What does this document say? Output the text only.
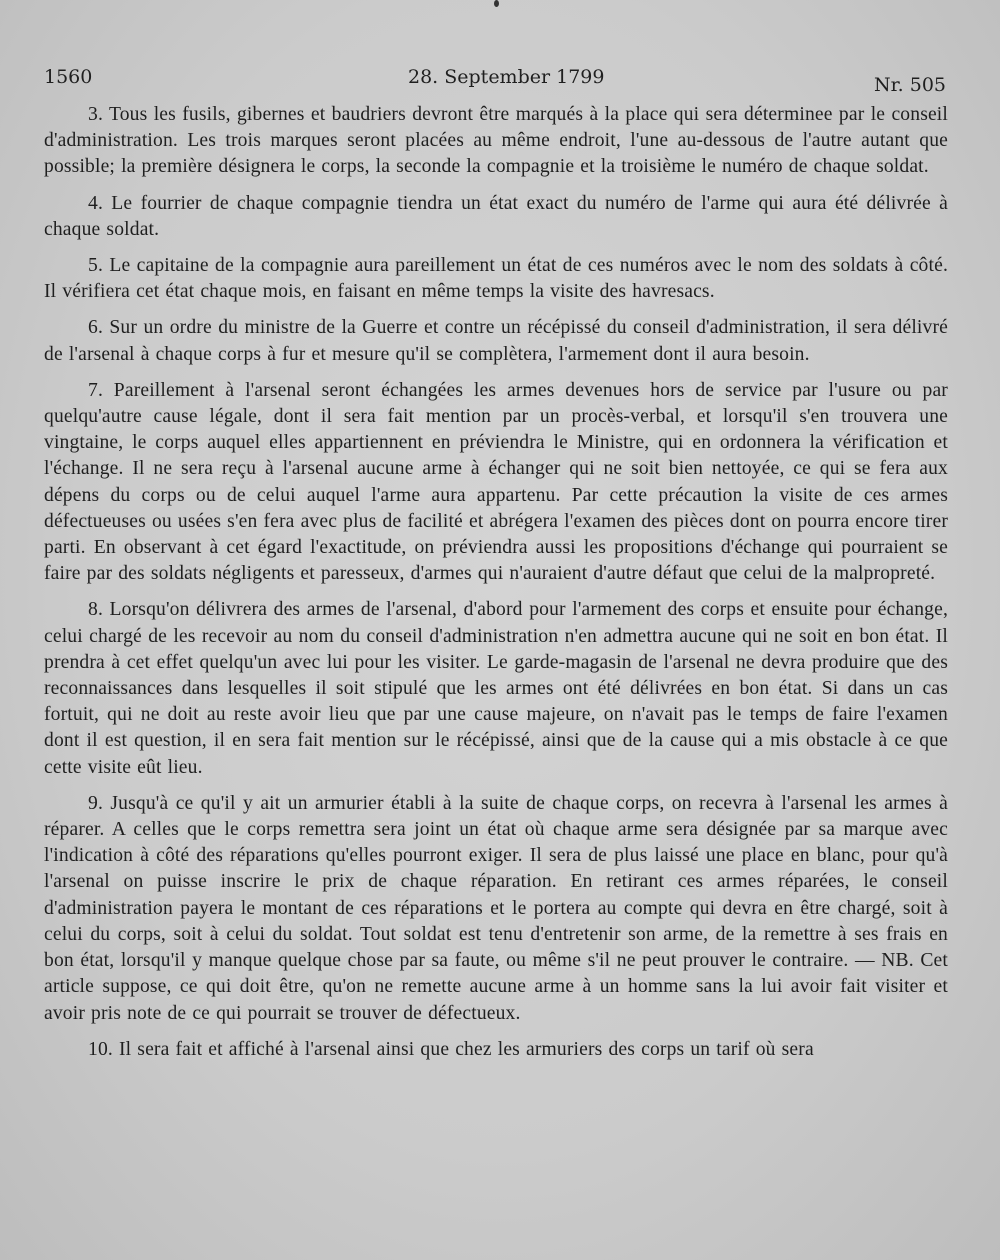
1560	28. September 1799	Nr. 505

3. Tous les fusils, gibernes et baudriers devront être marqués à la place qui sera déterminee par le conseil d'administration. Les trois marques seront placées au même endroit, l'une au-dessous de l'autre autant que possible; la première désignera le corps, la seconde la compagnie et la troisième le numéro de chaque soldat.

4. Le fourrier de chaque compagnie tiendra un état exact du numéro de l'arme qui aura été délivrée à chaque soldat.

5. Le capitaine de la compagnie aura pareillement un état de ces numéros avec le nom des soldats à côté. Il vérifiera cet état chaque mois, en faisant en même temps la visite des havresacs.

6. Sur un ordre du ministre de la Guerre et contre un récépissé du conseil d'administration, il sera délivré de l'arsenal à chaque corps à fur et mesure qu'il se complètera, l'armement dont il aura besoin.

7. Pareillement à l'arsenal seront échangées les armes devenues hors de service par l'usure ou par quelqu'autre cause légale, dont il sera fait mention par un procès-verbal, et lorsqu'il s'en trouvera une vingtaine, le corps auquel elles appartiennent en préviendra le Ministre, qui en ordonnera la vérification et l'échange. Il ne sera reçu à l'arsenal aucune arme à échanger qui ne soit bien nettoyée, ce qui se fera aux dépens du corps ou de celui auquel l'arme aura appartenu. Par cette précaution la visite de ces armes défectueuses ou usées s'en fera avec plus de facilité et abrégera l'examen des pièces dont on pourra encore tirer parti. En observant à cet égard l'exactitude, on préviendra aussi les propositions d'échange qui pourraient se faire par des soldats négligents et paresseux, d'armes qui n'auraient d'autre défaut que celui de la malpropreté.

8. Lorsqu'on délivrera des armes de l'arsenal, d'abord pour l'armement des corps et ensuite pour échange, celui chargé de les recevoir au nom du conseil d'administration n'en admettra aucune qui ne soit en bon état. Il prendra à cet effet quelqu'un avec lui pour les visiter. Le garde-magasin de l'arsenal ne devra produire que des reconnaissances dans lesquelles il soit stipulé que les armes ont été délivrées en bon état. Si dans un cas fortuit, qui ne doit au reste avoir lieu que par une cause majeure, on n'avait pas le temps de faire l'examen dont il est question, il en sera fait mention sur le récépissé, ainsi que de la cause qui a mis obstacle à ce que cette visite eût lieu.

9. Jusqu'à ce qu'il y ait un armurier établi à la suite de chaque corps, on recevra à l'arsenal les armes à réparer. A celles que le corps remettra sera joint un état où chaque arme sera désignée par sa marque avec l'indication à côté des réparations qu'elles pourront exiger. Il sera de plus laissé une place en blanc, pour qu'à l'arsenal on puisse inscrire le prix de chaque réparation. En retirant ces armes réparées, le conseil d'administration payera le montant de ces réparations et le portera au compte qui devra en être chargé, soit à celui du corps, soit à celui du soldat. Tout soldat est tenu d'entretenir son arme, de la remettre à ses frais en bon état, lorsqu'il y manque quelque chose par sa faute, ou même s'il ne peut prouver le contraire. — NB. Cet article suppose, ce qui doit être, qu'on ne remette aucune arme à un homme sans la lui avoir fait visiter et avoir pris note de ce qui pourrait se trouver de défectueux.

10. Il sera fait et affiché à l'arsenal ainsi que chez les armuriers des corps un tarif où sera
